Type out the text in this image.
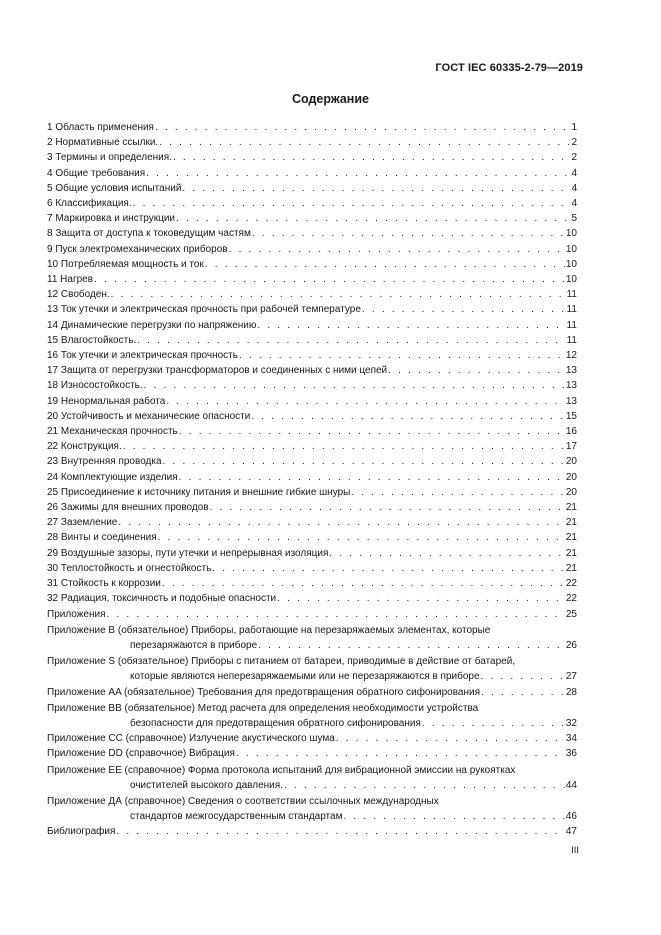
ГОСТ IEC 60335-2-79—2019
Содержание
1 Область применения . . .	1
2 Нормативные ссылки. . . .	2
3 Термины и определения. . . .	2
4 Общие требования . . .	4
5 Общие условия испытаний . . .	4
6 Классификация. . . .	4
7 Маркировка и инструкции . . .	5
8 Защита от доступа к токоведущим частям . . .	10
9 Пуск электромеханических приборов . . .	10
10 Потребляемая мощность и ток . . .	10
11 Нагрев . . .	10
12 Свободен. . . .	11
13 Ток утечки и электрическая прочность при рабочей температуре . . .	11
14 Динамические перегрузки по напряжению . . .	11
15 Влагостойкость. . . .	11
16 Ток утечки и электрическая прочность . . .	12
17 Защита от перегрузки трансформаторов и соединенных с ними цепей . . .	13
18 Износостойкость. . . .	13
19 Ненормальная работа . . .	13
20 Устойчивость и механические опасности . . .	15
21 Механическая прочность . . .	16
22 Конструкция. . . .	17
23 Внутренняя проводка . . .	20
24 Комплектующие изделия . . .	20
25 Присоединение к источнику питания и внешние гибкие шнуры . . .	20
26 Зажимы для внешних проводов . . .	21
27 Заземление . . .	21
28 Винты и соединения . . .	21
29 Воздушные зазоры, пути утечки и непрерывная изоляция . . .	21
30 Теплостойкость и огнестойкость . . .	21
31 Стойкость к коррозии . . .	22
32 Радиация, токсичность и подобные опасности . . .	22
Приложения . . .	25
Приложение B (обязательное) Приборы, работающие на перезаряжаемых элементах, которые
перезаряжаются в приборе . . .	26
Приложение S (обязательное) Приборы с питанием от батареи, приводимые в действие от батарей,
которые являются неперезаряжаемыми или не перезаряжаются в приборе . . .	27
Приложение AA (обязательное) Требования для предотвращения обратного сифонирования . . .	28
Приложение BB (обязательное) Метод расчета для определения необходимости устройства
безопасности для предотвращения обратного сифонирования . . .	32
Приложение CC (справочное) Излучение акустического шума . . .	34
Приложение DD (справочное) Вибрация . . .	36
Приложение EE (справочное) Форма протокола испытаний для вибрационной эмиссии на рукоятках
очистителей высокого давления. . . .	44
Приложение ДА (справочное) Сведения о соответствии ссылочных международных
стандартов межгосударственным стандартам . . .	46
Библиография . . .	47
III
